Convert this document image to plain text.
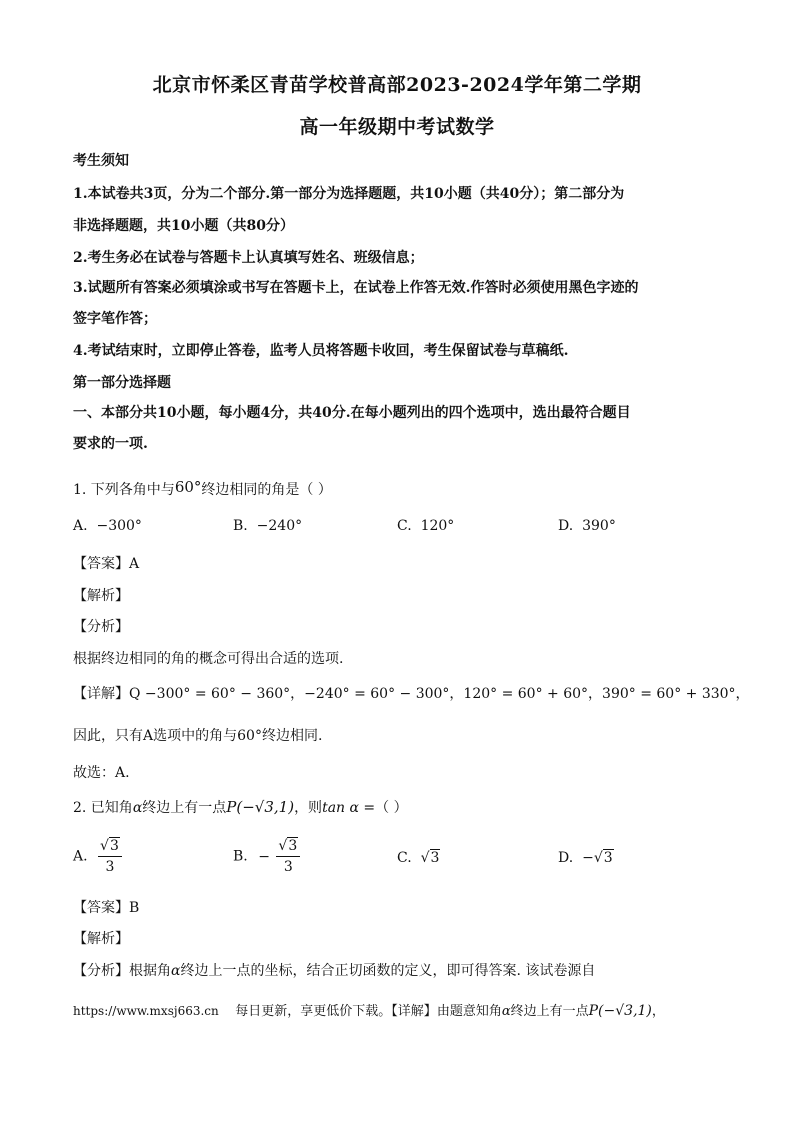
北京市怀柔区青苗学校普高部2023-2024学年第二学期
高一年级期中考试数学
考生须知
1.本试卷共3页，分为二个部分.第一部分为选择题题，共10小题（共40分）；第二部分为
非选择题题，共10小题（共80分）
2.考生务必在试卷与答题卡上认真填写姓名、班级信息；
3.试题所有答案必须填涂或书写在答题卡上，在试卷上作答无效.作答时必须使用黑色字迹的
签字笔作答；
4.考试结束时，立即停止答卷，监考人员将答题卡收回，考生保留试卷与草稿纸.
第一部分选择题
一、本部分共10小题，每小题4分，共40分.在每小题列出的四个选项中，选出最符合题目
要求的一项.
1. 下列各角中与60°终边相同的角是（ ）
A. −300°	B. −240°	C. 120°	D. 390°
【答案】A
【解析】
【分析】
根据终边相同的角的概念可得出合适的选项.
【详解】Q −300° = 60° − 360°，−240° = 60° − 300°，120° = 60° + 60°，390° = 60° + 330°，
因此，只有A选项中的角与60°终边相同.
故选：A.
2. 已知角α终边上有一点P(−√3,1)，则tan α =（ ）
A. $\frac{√3}{3}$	B. − $\frac{√3}{3}$	C. √3	D. −√3
【答案】B
【解析】
【分析】根据角α终边上一点的坐标，结合正切函数的定义，即可得答案. 该试卷源自
https://www.mxsj663.cn 每日更新，享更低价下载。【详解】由题意知角α终边上有一点P(−√3,1)，
